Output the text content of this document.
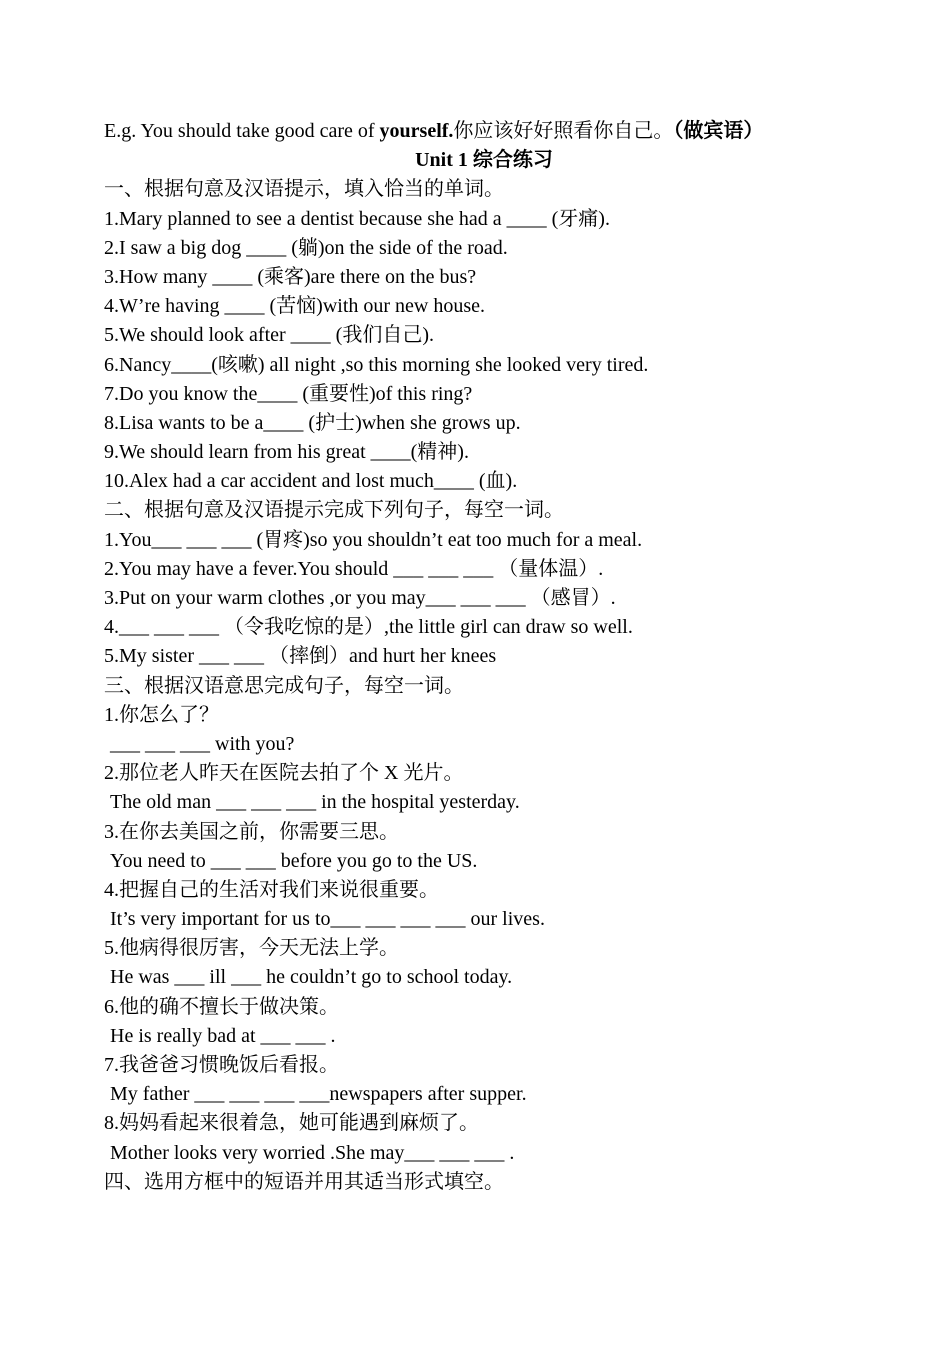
E.g. You should take good care of yourself.你应该好好照看你自己。（做宾语）

Unit 1 综合练习

一、根据句意及汉语提示，填入恰当的单词。

1.Mary planned to see a dentist because she had a ____ (牙痛).

2.I saw a big dog ____ (躺)on the side of the road.

3.How many ____ (乘客)are there on the bus?

4.W’re having ____ (苦恼)with our new house.

5.We should look after ____ (我们自己).

6.Nancy____(咳嗽) all night ,so this morning she looked very tired.

7.Do you know the____ (重要性)of this ring?

8.Lisa wants to be a____ (护士)when she grows up.

9.We should learn from his great ____(精神).

10.Alex had a car accident and lost much____ (血).

二、根据句意及汉语提示完成下列句子，每空一词。

1.You___ ___ ___ (胃疼)so you shouldn’t eat too much for a meal.

2.You may have a fever.You should ___ ___ ___ （量体温）.

3.Put on your warm clothes ,or you may___ ___ ___ （感冒）.

4.___ ___ ___ （令我吃惊的是）,the little girl can draw so well.

5.My sister ___ ___ （摔倒）and hurt her knees

三、根据汉语意思完成句子，每空一词。

1.你怎么了？

___ ___ ___ with you?

2.那位老人昨天在医院去拍了个 X 光片。

The old man ___ ___ ___ in the hospital yesterday.

3.在你去美国之前，你需要三思。

You need to ___ ___ before you go to the US.

4.把握自己的生活对我们来说很重要。

It’s very important for us to___ ___ ___ ___ our lives.

5.他病得很厉害，今天无法上学。

He was ___ ill ___ he couldn’t go to school today.

6.他的确不擅长于做决策。

He is really bad at ___ ___ .

7.我爸爸习惯晚饭后看报。

My father ___ ___ ___ ___newspapers after supper.

8.妈妈看起来很着急，她可能遇到麻烦了。

Mother looks very worried .She may___ ___ ___ .

四、选用方框中的短语并用其适当形式填空。
